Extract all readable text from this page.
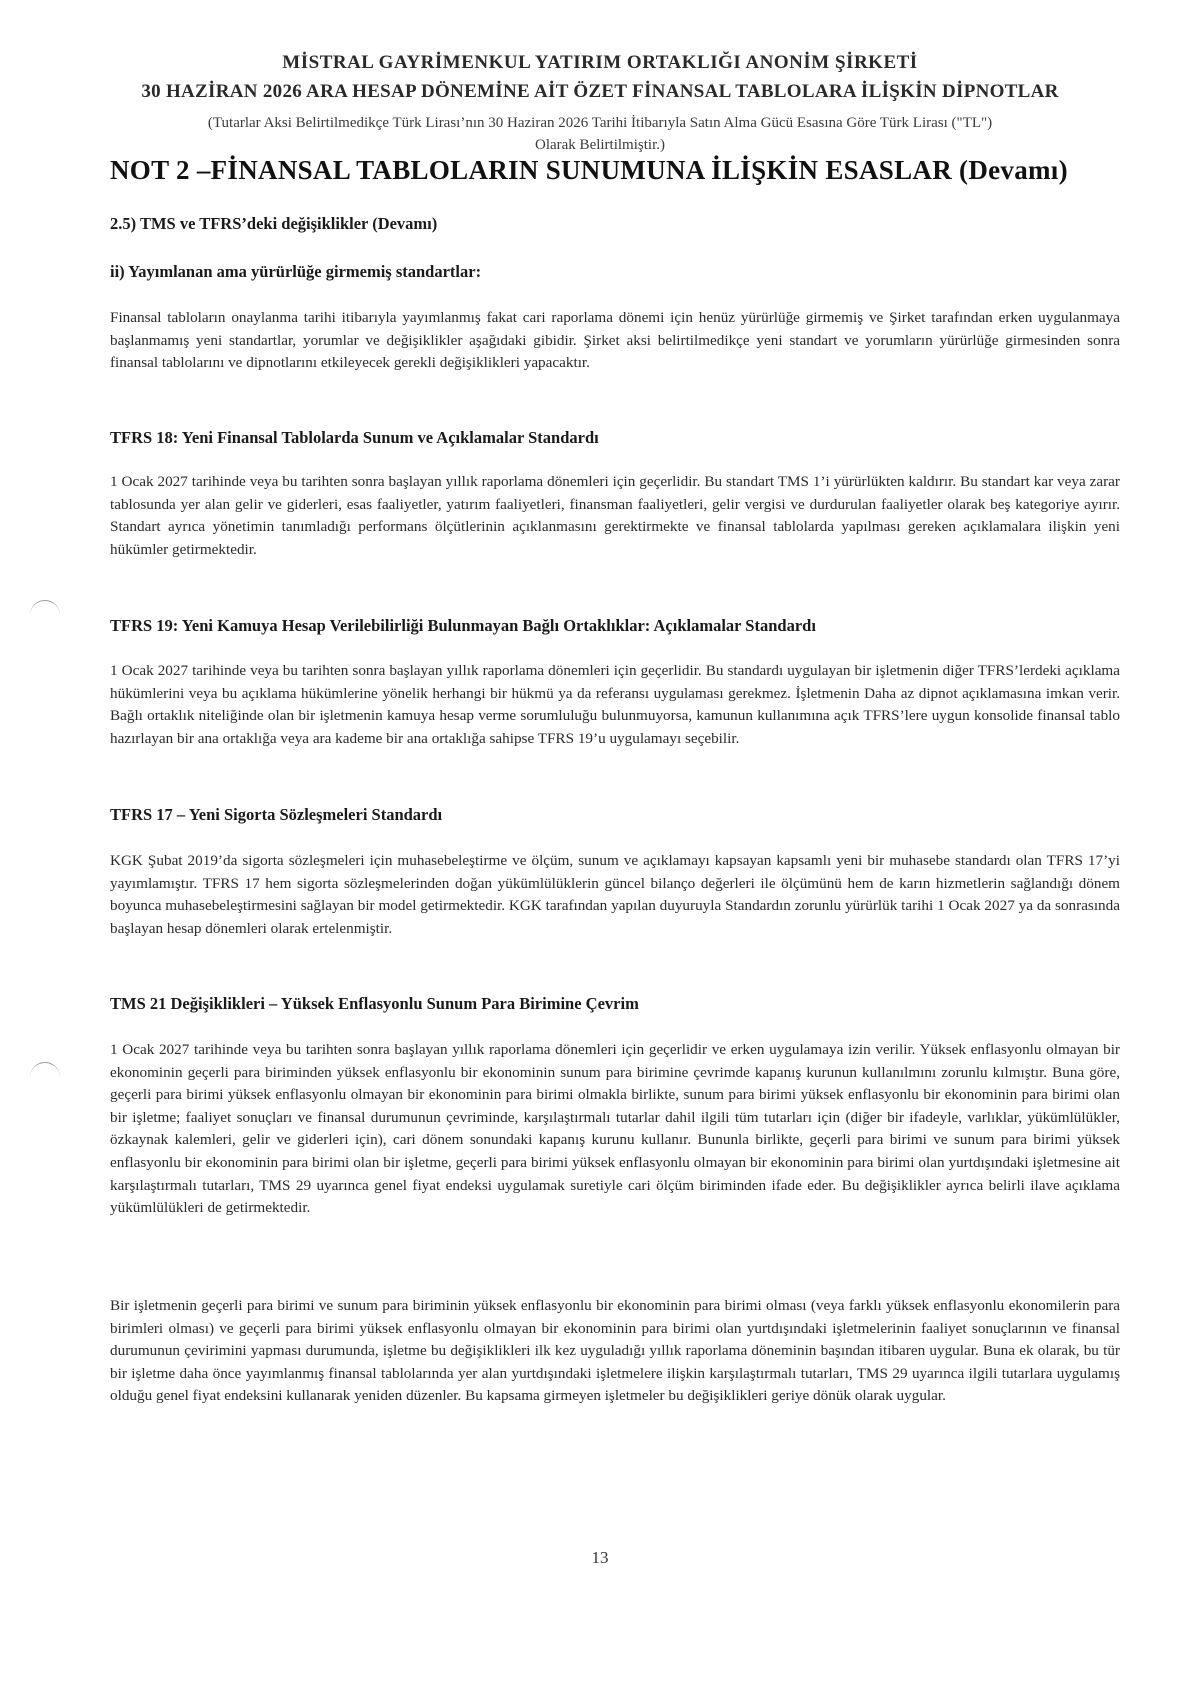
MİSTRAL GAYRİMENKUL YATIRIM ORTAKLIĞI ANONİM ŞİRKETİ
30 HAZİRAN 2026 ARA HESAP DÖNEMİNE AİT ÖZET FİNANSAL TABLOLARA İLİŞKİN DİPNOTLAR
(Tutarlar Aksi Belirtilmedikçe Türk Lirası’nın 30 Haziran 2026 Tarihi İtibarıyla Satın Alma Gücü Esasına Göre Türk Lirası ("TL")
Olarak Belirtilmiştir.)
NOT 2 –FİNANSAL TABLOLARIN SUNUMUNA İLİŞKİN ESASLAR (Devamı)
2.5) TMS ve TFRS’deki değişiklikler (Devamı)
ii) Yayımlanan ama yürürlüğe girmemiş standartlar:
Finansal tabloların onaylanma tarihi itibarıyla yayımlanmış fakat cari raporlama dönemi için henüz yürürlüğe girmemiş ve Şirket tarafından erken uygulanmaya başlanmamış yeni standartlar, yorumlar ve değişiklikler aşağıdaki gibidir. Şirket aksi belirtilmedikçe yeni standart ve yorumların yürürlüğe girmesinden sonra finansal tablolarını ve dipnotlarını etkileyecek gerekli değişiklikleri yapacaktır.
TFRS 18: Yeni Finansal Tablolarda Sunum ve Açıklamalar Standardı
1 Ocak 2027 tarihinde veya bu tarihten sonra başlayan yıllık raporlama dönemleri için geçerlidir. Bu standart TMS 1’i yürürlükten kaldırır. Bu standart kar veya zarar tablosunda yer alan gelir ve giderleri, esas faaliyetler, yatırım faaliyetleri, finansman faaliyetleri, gelir vergisi ve durdurulan faaliyetler olarak beş kategoriye ayırır. Standart ayrıca yönetimin tanımladığı performans ölçütlerinin açıklanmasını gerektirmekte ve finansal tablolarda yapılması gereken açıklamalara ilişkin yeni hükümler getirmektedir.
TFRS 19: Yeni Kamuya Hesap Verilebilirliği Bulunmayan Bağlı Ortaklıklar: Açıklamalar Standardı
1 Ocak 2027 tarihinde veya bu tarihten sonra başlayan yıllık raporlama dönemleri için geçerlidir. Bu standardı uygulayan bir işletmenin diğer TFRS’lerdeki açıklama hükümlerini veya bu açıklama hükümlerine yönelik herhangi bir hükmü ya da referansı uygulaması gerekmez. İşletmenin Daha az dipnot açıklamasına imkan verir. Bağlı ortaklık niteliğinde olan bir işletmenin kamuya hesap verme sorumluluğu bulunmuyorsa, kamunun kullanımına açık TFRS’lere uygun konsolide finansal tablo hazırlayan bir ana ortaklığa veya ara kademe bir ana ortaklığa sahipse TFRS 19’u uygulamayı seçebilir.
TFRS 17 – Yeni Sigorta Sözleşmeleri Standardı
KGK Şubat 2019’da sigorta sözleşmeleri için muhasebeleştirme ve ölçüm, sunum ve açıklamayı kapsayan kapsamlı yeni bir muhasebe standardı olan TFRS 17’yi yayımlamıştır. TFRS 17 hem sigorta sözleşmelerinden doğan yükümlülüklerin güncel bilanço değerleri ile ölçümünü hem de karın hizmetlerin sağlandığı dönem boyunca muhasebeleştirmesini sağlayan bir model getirmektedir. KGK tarafından yapılan duyuruyla Standardın zorunlu yürürlük tarihi 1 Ocak 2027 ya da sonrasında başlayan hesap dönemleri olarak ertelenmiştir.
TMS 21 Değişiklikleri – Yüksek Enflasyonlu Sunum Para Birimine Çevrim
1 Ocak 2027 tarihinde veya bu tarihten sonra başlayan yıllık raporlama dönemleri için geçerlidir ve erken uygulamaya izin verilir. Yüksek enflasyonlu olmayan bir ekonominin geçerli para biriminden yüksek enflasyonlu bir ekonominin sunum para birimine çevrimde kapanış kurunun kullanılmını zorunlu kılmıştır. Buna göre, geçerli para birimi yüksek enflasyonlu olmayan bir ekonominin para birimi olmakla birlikte, sunum para birimi yüksek enflasyonlu bir ekonominin para birimi olan bir işletme; faaliyet sonuçları ve finansal durumunun çevriminde, karşılaştırmalı tutarlar dahil ilgili tüm tutarları için (diğer bir ifadeyle, varlıklar, yükümlülükler, özkaynak kalemleri, gelir ve giderleri için), cari dönem sonundaki kapanış kurunu kullanır. Bununla birlikte, geçerli para birimi ve sunum para birimi yüksek enflasyonlu bir ekonominin para birimi olan bir işletme, geçerli para birimi yüksek enflasyonlu olmayan bir ekonominin para birimi olan yurtdışındaki işletmesine ait karşılaştırmalı tutarları, TMS 29 uyarınca genel fiyat endeksi uygulamak suretiyle cari ölçüm biriminden ifade eder. Bu değişiklikler ayrıca belirli ilave açıklama yükümlülükleri de getirmektedir.
Bir işletmenin geçerli para birimi ve sunum para biriminin yüksek enflasyonlu bir ekonominin para birimi olması (veya farklı yüksek enflasyonlu ekonomilerin para birimleri olması) ve geçerli para birimi yüksek enflasyonlu olmayan bir ekonominin para birimi olan yurtdışındaki işletmelerinin faaliyet sonuçlarının ve finansal durumunun çevirimini yapması durumunda, işletme bu değişiklikleri ilk kez uyguladığı yıllık raporlama döneminin başından itibaren uygular. Buna ek olarak, bu tür bir işletme daha önce yayımlanmış finansal tablolarında yer alan yurtdışındaki işletmelere ilişkin karşılaştırmalı tutarları, TMS 29 uyarınca ilgili tutarlara uygulamış olduğu genel fiyat endeksini kullanarak yeniden düzenler. Bu kapsama girmeyen işletmeler bu değişiklikleri geriye dönük olarak uygular.
13
